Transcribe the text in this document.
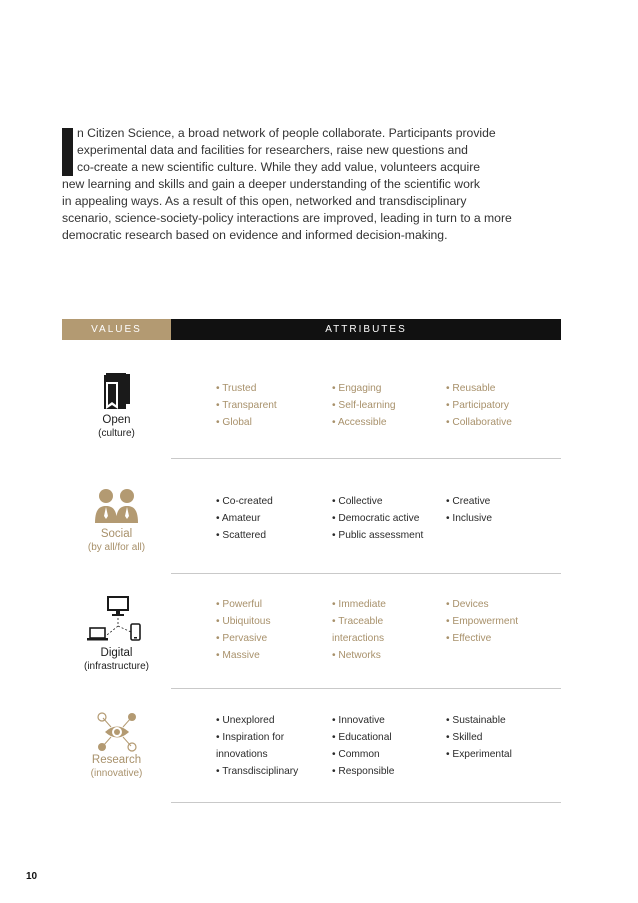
n Citizen Science, a broad network of people collaborate. Participants provide
experimental data and facilities for researchers, raise new questions and
co-create a new scientific culture. While they add value, volunteers acquire
new learning and skills and gain a deeper understanding of the scientific work
in appealing ways. As a result of this open, networked and transdisciplinary
scenario, science-society-policy interactions are improved, leading in turn to a more
democratic research based on evidence and informed decision-making.
VALUES	ATTRIBUTES
Open
(culture)
• Trusted
• Transparent
• Global
• Engaging
• Self-learning
• Accessible
• Reusable
• Participatory
• Collaborative
Social
(by all/for all)
• Co-created
• Amateur
• Scattered
• Collective
• Democratic active
• Public assessment
• Creative
• Inclusive
Digital
(infrastructure)
• Powerful
• Ubiquitous
• Pervasive
• Massive
• Immediate
• Traceable
interactions
• Networks
• Devices
• Empowerment
• Effective
Research
(innovative)
• Unexplored
• Inspiration for
innovations
• Transdisciplinary
• Innovative
• Educational
• Common
• Responsible
• Sustainable
• Skilled
• Experimental
10
